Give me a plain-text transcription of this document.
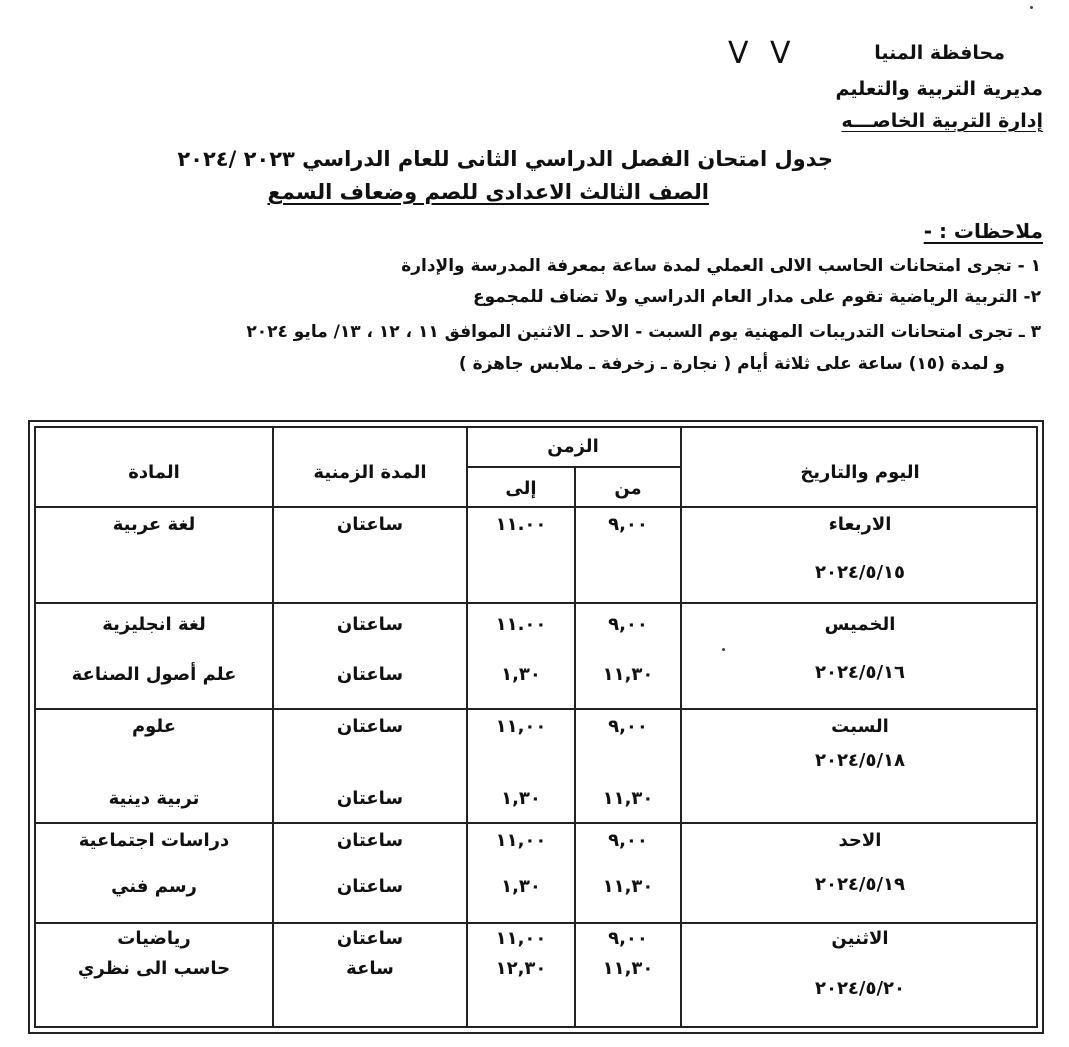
V V	محافظة المنيا
مديرية التربية والتعليم
إدارة التربية الخاصـــه
جدول امتحان الفصل الدراسي الثانى للعام الدراسي ٢٠٢٣ /٢٠٢٤
الصف الثالث الاعدادى للصم وضعاف السمع
ملاحظات : -
١ - تجرى امتحانات الحاسب الالى العملي لمدة ساعة بمعرفة المدرسة والإدارة
٢- التربية الرياضية تقوم على مدار العام الدراسي ولا تضاف للمجموع
٣ ـ تجرى امتحانات التدريبات المهنية يوم السبت - الاحد ـ الاثنين الموافق ١١ ، ١٢ ، ١٣/ مايو ٢٠٢٤
و لمدة (١٥) ساعة على ثلاثة أيام ( نجارة ـ زخرفة ـ ملابس جاهزة )
اليوم والتاريخ
الزمن
من
إلى
المدة الزمنية
المادة
الاربعاء
٢٠٢٤/٥/١٥
٩,٠٠
١١.٠٠
ساعتان
لغة عربية
الخميس
٢٠٢٤/٥/١٦
٩,٠٠
١١.٠٠
ساعتان
لغة انجليزية
١١,٣٠
١,٣٠
ساعتان
علم أصول الصناعة
السبت
٢٠٢٤/٥/١٨
٩,٠٠
١١,٠٠
ساعتان
علوم
١١,٣٠
١,٣٠
ساعتان
تربية دينية
الاحد
٢٠٢٤/٥/١٩
٩,٠٠
١١,٠٠
ساعتان
دراسات اجتماعية
١١,٣٠
١,٣٠
ساعتان
رسم فني
الاثنين
٢٠٢٤/٥/٢٠
٩,٠٠
١١,٠٠
ساعتان
رياضيات
١١,٣٠
١٢,٣٠
ساعة
حاسب الى نظري
